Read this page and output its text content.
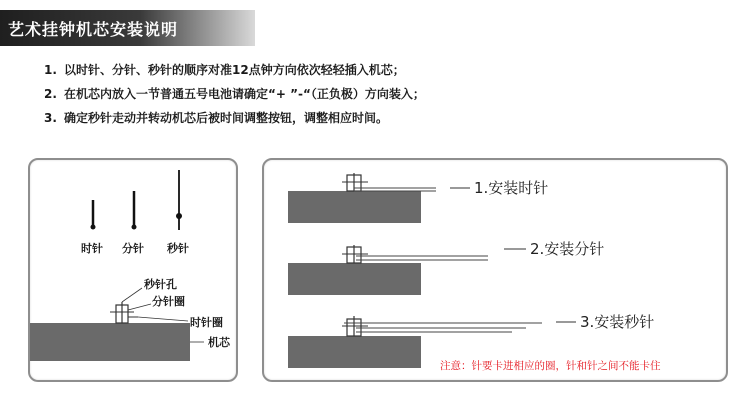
艺术挂钟机芯安装说明
1. 以时针、分针、秒针的顺序对准12点钟方向依次轻轻插入机芯；
2. 在机芯内放入一节普通五号电池请确定“+ ”-“（正负极）方向装入；
3. 确定秒针走动并转动机芯后被时间调整按钮，调整相应时间。
时针 分针 秒针
秒针孔
分针圈
时针圈
机芯
1.安装时针
2.安装分针
3.安装秒针
注意：针要卡进相应的圈，针和针之间不能卡住
